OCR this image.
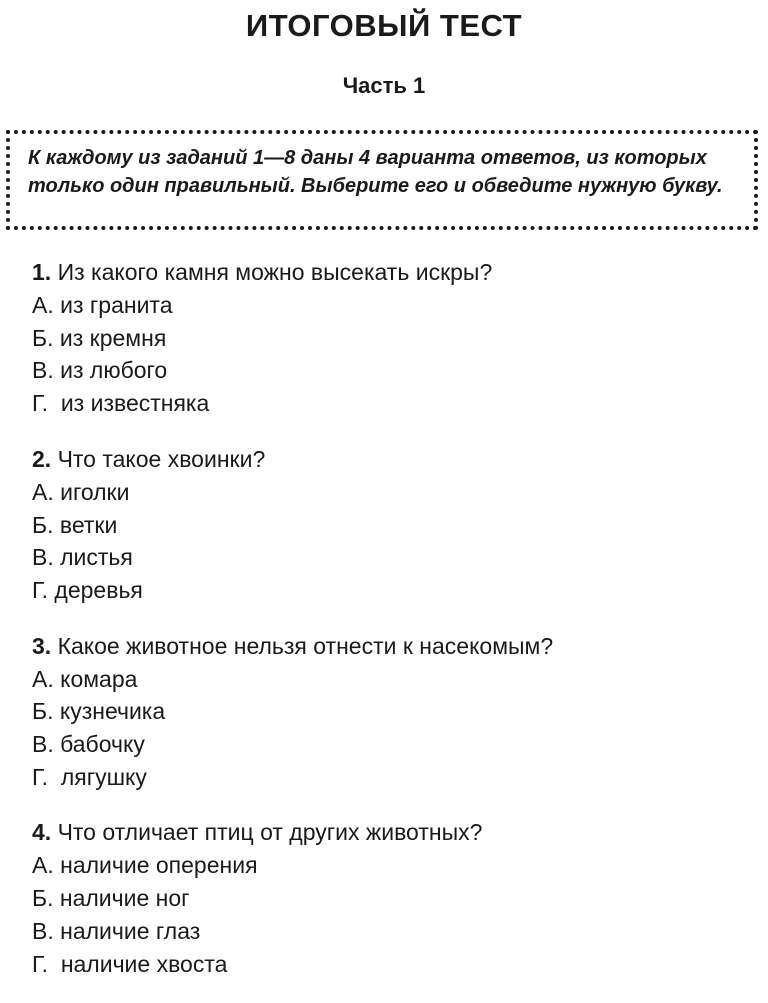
ИТОГОВЫЙ ТЕСТ
Часть 1
К каждому из заданий 1—8 даны 4 варианта ответов, из которых только один правильный. Выберите его и обведите нужную букву.
1. Из какого камня можно высекать искры?
А. из гранита
Б. из кремня
В. из любого
Г.  из известняка
2. Что такое хвоинки?
А. иголки
Б. ветки
В. листья
Г. деревья
3. Какое животное нельзя отнести к насекомым?
А. комара
Б. кузнечика
В. бабочку
Г.  лягушку
4. Что отличает птиц от других животных?
А. наличие оперения
Б. наличие ног
В. наличие глаз
Г.  наличие хвоста
